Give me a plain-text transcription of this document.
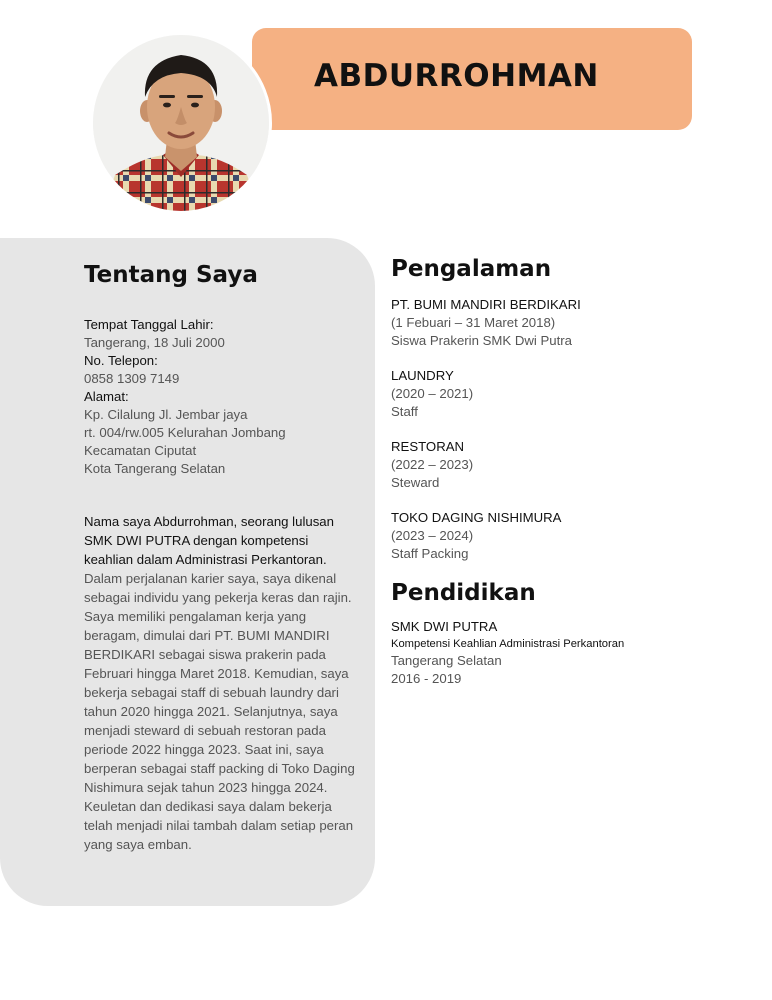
ABDURROHMAN
Tentang Saya
Tempat Tanggal Lahir:
Tangerang, 18 Juli 2000
No. Telepon:
0858 1309 7149
Alamat:
Kp. Cilalung Jl. Jembar jaya
rt. 004/rw.005 Kelurahan Jombang
Kecamatan Ciputat
Kota Tangerang Selatan
Nama saya Abdurrohman, seorang lulusan SMK DWI PUTRA dengan kompetensi keahlian dalam Administrasi Perkantoran. Dalam perjalanan karier saya, saya dikenal sebagai individu yang pekerja keras dan rajin. Saya memiliki pengalaman kerja yang beragam, dimulai dari PT. BUMI MANDIRI BERDIKARI sebagai siswa prakerin pada Februari hingga Maret 2018. Kemudian, saya bekerja sebagai staff di sebuah laundry dari tahun 2020 hingga 2021. Selanjutnya, saya menjadi steward di sebuah restoran pada periode 2022 hingga 2023. Saat ini, saya berperan sebagai staff packing di Toko Daging Nishimura sejak tahun 2023 hingga 2024. Keuletan dan dedikasi saya dalam bekerja telah menjadi nilai tambah dalam setiap peran yang saya emban.
Pengalaman
PT. BUMI MANDIRI BERDIKARI
(1 Febuari – 31 Maret 2018)
Siswa Prakerin SMK Dwi Putra
LAUNDRY
(2020 – 2021)
Staff
RESTORAN
(2022 – 2023)
Steward
TOKO DAGING NISHIMURA
(2023 – 2024)
Staff Packing
Pendidikan
SMK DWI PUTRA
Kompetensi Keahlian Administrasi Perkantoran
Tangerang Selatan
2016 - 2019
